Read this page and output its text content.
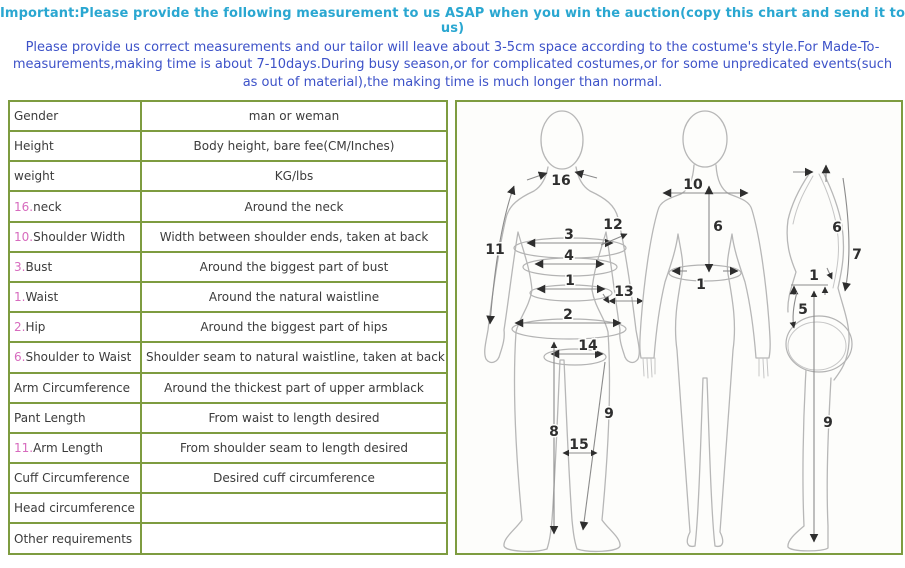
Important:Please provide the following measurement to us ASAP when you win the auction(copy this chart and send it to us)
Please provide us correct measurements and our tailor will leave about 3-5cm space according to the costume's style.For Made-To-measurements,making time is about 7-10days.During busy season,or for complicated costumes,or for some unpredicated events(such as out of material),the making time is much longer than normal.
Gender	man or weman
Height	Body height, bare fee(CM/Inches)
weight	KG/lbs
16.neck	Around the neck
10.Shoulder Width	Width between shoulder ends, taken at back
3.Bust	Around the biggest part of bust
1.Waist	Around the natural waistline
2.Hip	Around the biggest part of hips
6.Shoulder to Waist	Shoulder seam to natural waistline, taken at back
Arm Circumference	Around the thickest part of upper armblack
Pant Length	From waist to length desired
11.Arm Length	From shoulder seam to length desired
Cuff Circumference	Desired cuff circumference
Head circumference	
Other requirements	
16
11
12
3
4
1
13
2
14
8
9
15
10
6
1
6
7
1
5
9
